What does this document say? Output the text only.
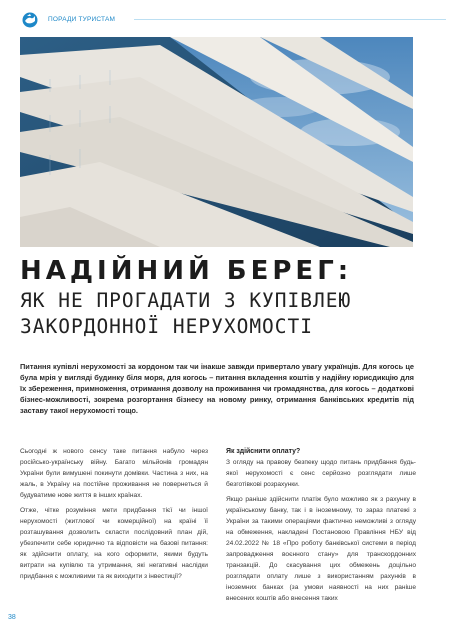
ПОРАДИ ТУРИСТАМ
НАДІЙНИЙ БЕРЕГ:
ЯК НЕ ПРОГАДАТИ З КУПІВЛЕЮ
ЗАКОРДОННОЇ НЕРУХОМОСТІ

Питання купівлі нерухомості за кордоном так чи інакше завжди привертало увагу українців. Для когось це була мрія у вигляді будинку біля моря, для когось – питання вкладення коштів у надійну юрисдикцію для їх збереження, примноження, отримання дозволу на проживання чи громадянства, для когось – додаткові бізнес-можливості, зокрема розгортання бізнесу на новому ринку, отримання банківських кредитів під заставу такої нерухомості тощо.

Сьогодні ж нового сенсу таке питання набуло через російсько-українську війну. Багато мільйонів громадян України були вимушені покинути домівки. Частина з них, на жаль, в Україну на постійне проживання не повернеться й будуватиме нове життя в інших країнах.

Отже, чітке розуміння мети придбання тієї чи іншої нерухомості (житлової чи комерційної) на країні її розташування дозволить скласти послідовний план дій, убезпечити себе юридично та відповісти на базові питання: як здійснити оплату, на кого оформити, якими будуть витрати на купівлю та утримання, які негативні наслідки придбання є можливими та як виходити з інвестиції?

Як здійснити оплату?

З огляду на правову безпеку щодо питань придбання будь-якої нерухомості є сенс серйозно розглядати лише безготівкові розрахунки.

Якщо раніше здійснити платіж було можливо як з рахунку в українському банку, так і в іноземному, то зараз платежі з України за такими операціями фактично неможливі з огляду на обмеження, накладені Постановою Правління НБУ від 24.02.2022 № 18 «Про роботу банківської системи в період запровадження воєнного стану» для транскордонних транзакцій. До скасування цих обмежень доцільно розглядати оплату лише з використанням рахунків в іноземних банках (за умови наявності на них раніше внесених коштів або внесення таких

38
